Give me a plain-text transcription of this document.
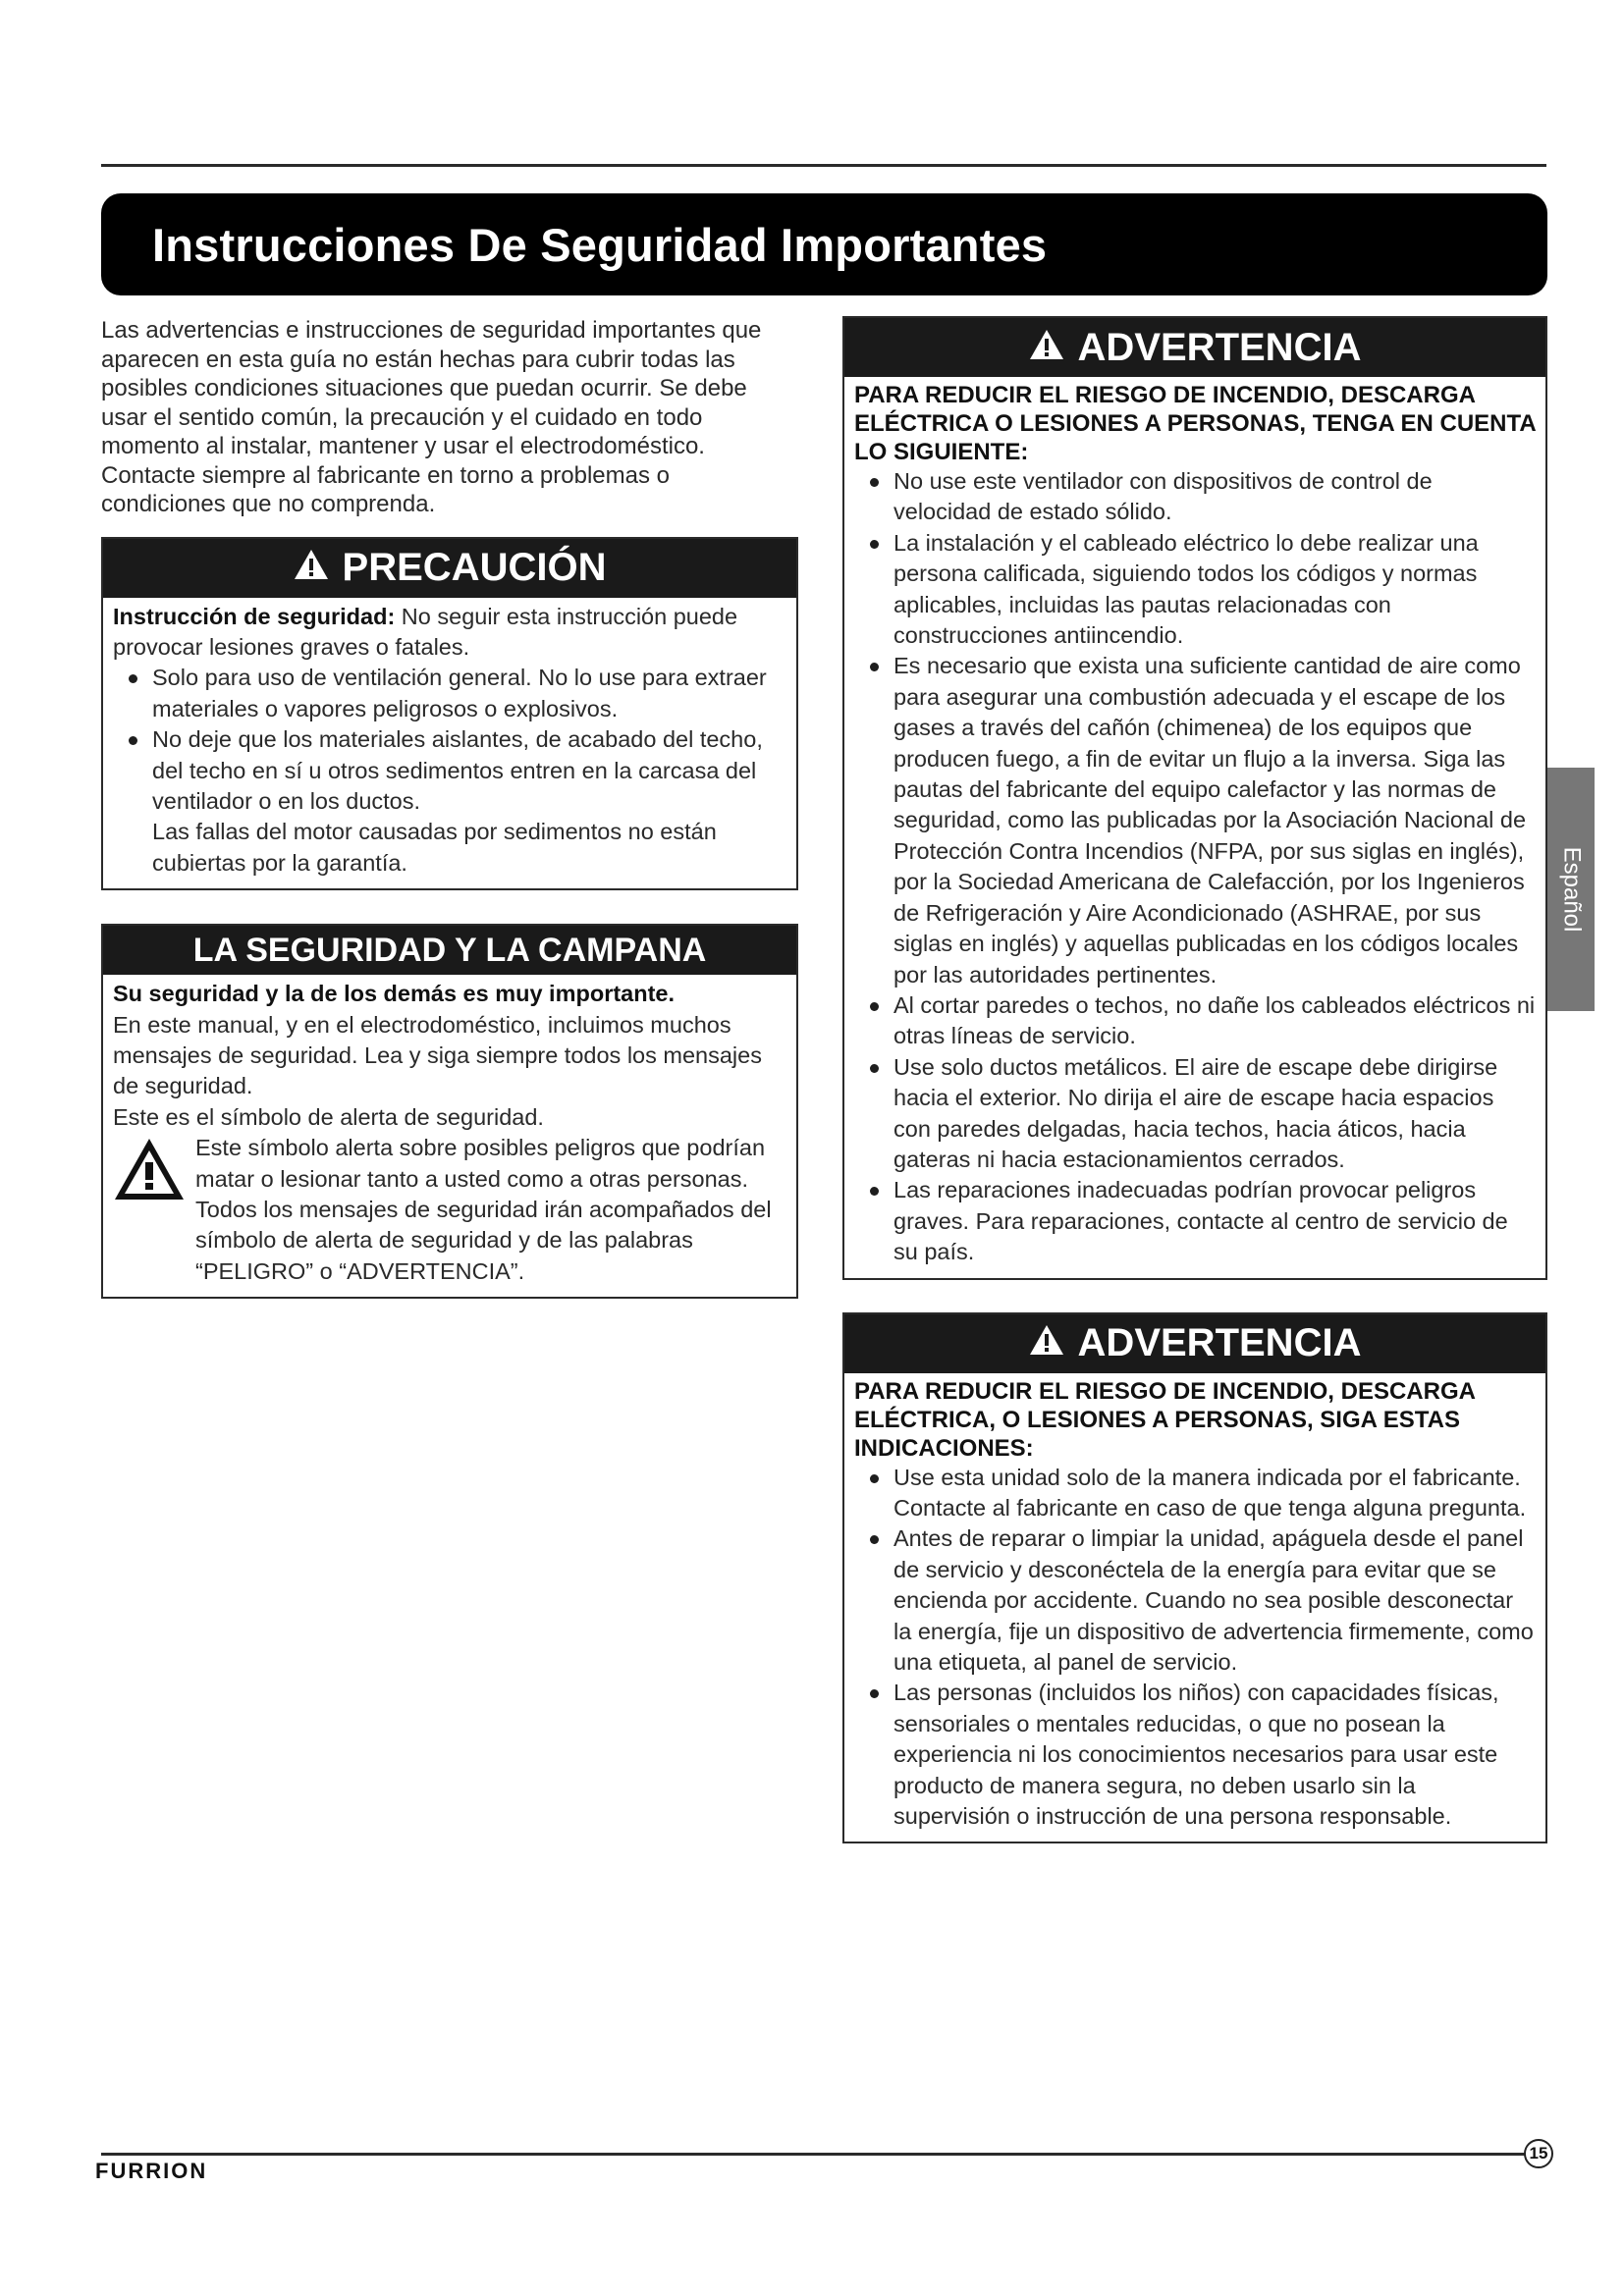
Instrucciones De Seguridad Importantes

Las advertencias e instrucciones de seguridad importantes que aparecen en esta guía no están hechas para cubrir todas las posibles condiciones situaciones que puedan ocurrir. Se debe usar el sentido común, la precaución y el cuidado en todo momento al instalar, mantener y usar el electrodoméstico.

Contacte siempre al fabricante en torno a problemas o condiciones que no comprenda.

PRECAUCIÓN

Instrucción de seguridad: No seguir esta instrucción puede provocar lesiones graves o fatales.

Solo para uso de ventilación general. No lo use para extraer materiales o vapores peligrosos o explosivos.
No deje que los materiales aislantes, de acabado del techo, del techo en sí u otros sedimentos entren en la carcasa del ventilador o en los ductos.

Las fallas del motor causadas por sedimentos no están cubiertas por la garantía.

LA SEGURIDAD Y LA CAMPANA

Su seguridad y la de los demás es muy importante.

En este manual, y en el electrodoméstico, incluimos muchos mensajes de seguridad. Lea y siga siempre todos los mensajes de seguridad.

Este es el símbolo de alerta de seguridad.

Este símbolo alerta sobre posibles peligros que podrían matar o lesionar tanto a usted como a otras personas. Todos los mensajes de seguridad irán acompañados del símbolo de alerta de seguridad y de las palabras “PELIGRO” o “ADVERTENCIA”.

ADVERTENCIA

PARA REDUCIR EL RIESGO DE INCENDIO, DESCARGA ELÉCTRICA O LESIONES A PERSONAS, TENGA EN CUENTA LO SIGUIENTE:

No use este ventilador con dispositivos de control de velocidad de estado sólido.
La instalación y el cableado eléctrico lo debe realizar una persona calificada, siguiendo todos los códigos y normas aplicables, incluidas las pautas relacionadas con construcciones antiincendio.
Es necesario que exista una suficiente cantidad de aire como para asegurar una combustión adecuada y el escape de los gases a través del cañón (chimenea) de los equipos que producen fuego, a fin de evitar un flujo a la inversa. Siga las pautas del fabricante del equipo calefactor y las normas de seguridad, como las publicadas por la Asociación Nacional de Protección Contra Incendios (NFPA, por sus siglas en inglés), por la Sociedad Americana de Calefacción, por los Ingenieros de Refrigeración y Aire Acondicionado (ASHRAE, por sus siglas en inglés) y aquellas publicadas en los códigos locales por las autoridades pertinentes.
Al cortar paredes o techos, no dañe los cableados eléctricos ni otras líneas de servicio.
Use solo ductos metálicos. El aire de escape debe dirigirse hacia el exterior. No dirija el aire de escape hacia espacios con paredes delgadas, hacia techos, hacia áticos, hacia gateras ni hacia estacionamientos cerrados.
Las reparaciones inadecuadas podrían provocar peligros graves. Para reparaciones, contacte al centro de servicio de su país.
ADVERTENCIA

PARA REDUCIR EL RIESGO DE INCENDIO, DESCARGA ELÉCTRICA, O LESIONES A PERSONAS, SIGA ESTAS INDICACIONES:

Use esta unidad solo de la manera indicada por el fabricante.
Contacte al fabricante en caso de que tenga alguna pregunta.
Antes de reparar o limpiar la unidad, apáguela desde el panel de servicio y desconéctela de la energía para evitar que se encienda por accidente. Cuando no sea posible desconectar la energía, fije un dispositivo de advertencia firmemente, como una etiqueta, al panel de servicio.
Las personas (incluidos los niños) con capacidades físicas, sensoriales o mentales reducidas, o que no posean la experiencia ni los conocimientos necesarios para usar este producto de manera segura, no deben usarlo sin la supervisión o instrucción de una persona responsable.
Español
15
FURRION
